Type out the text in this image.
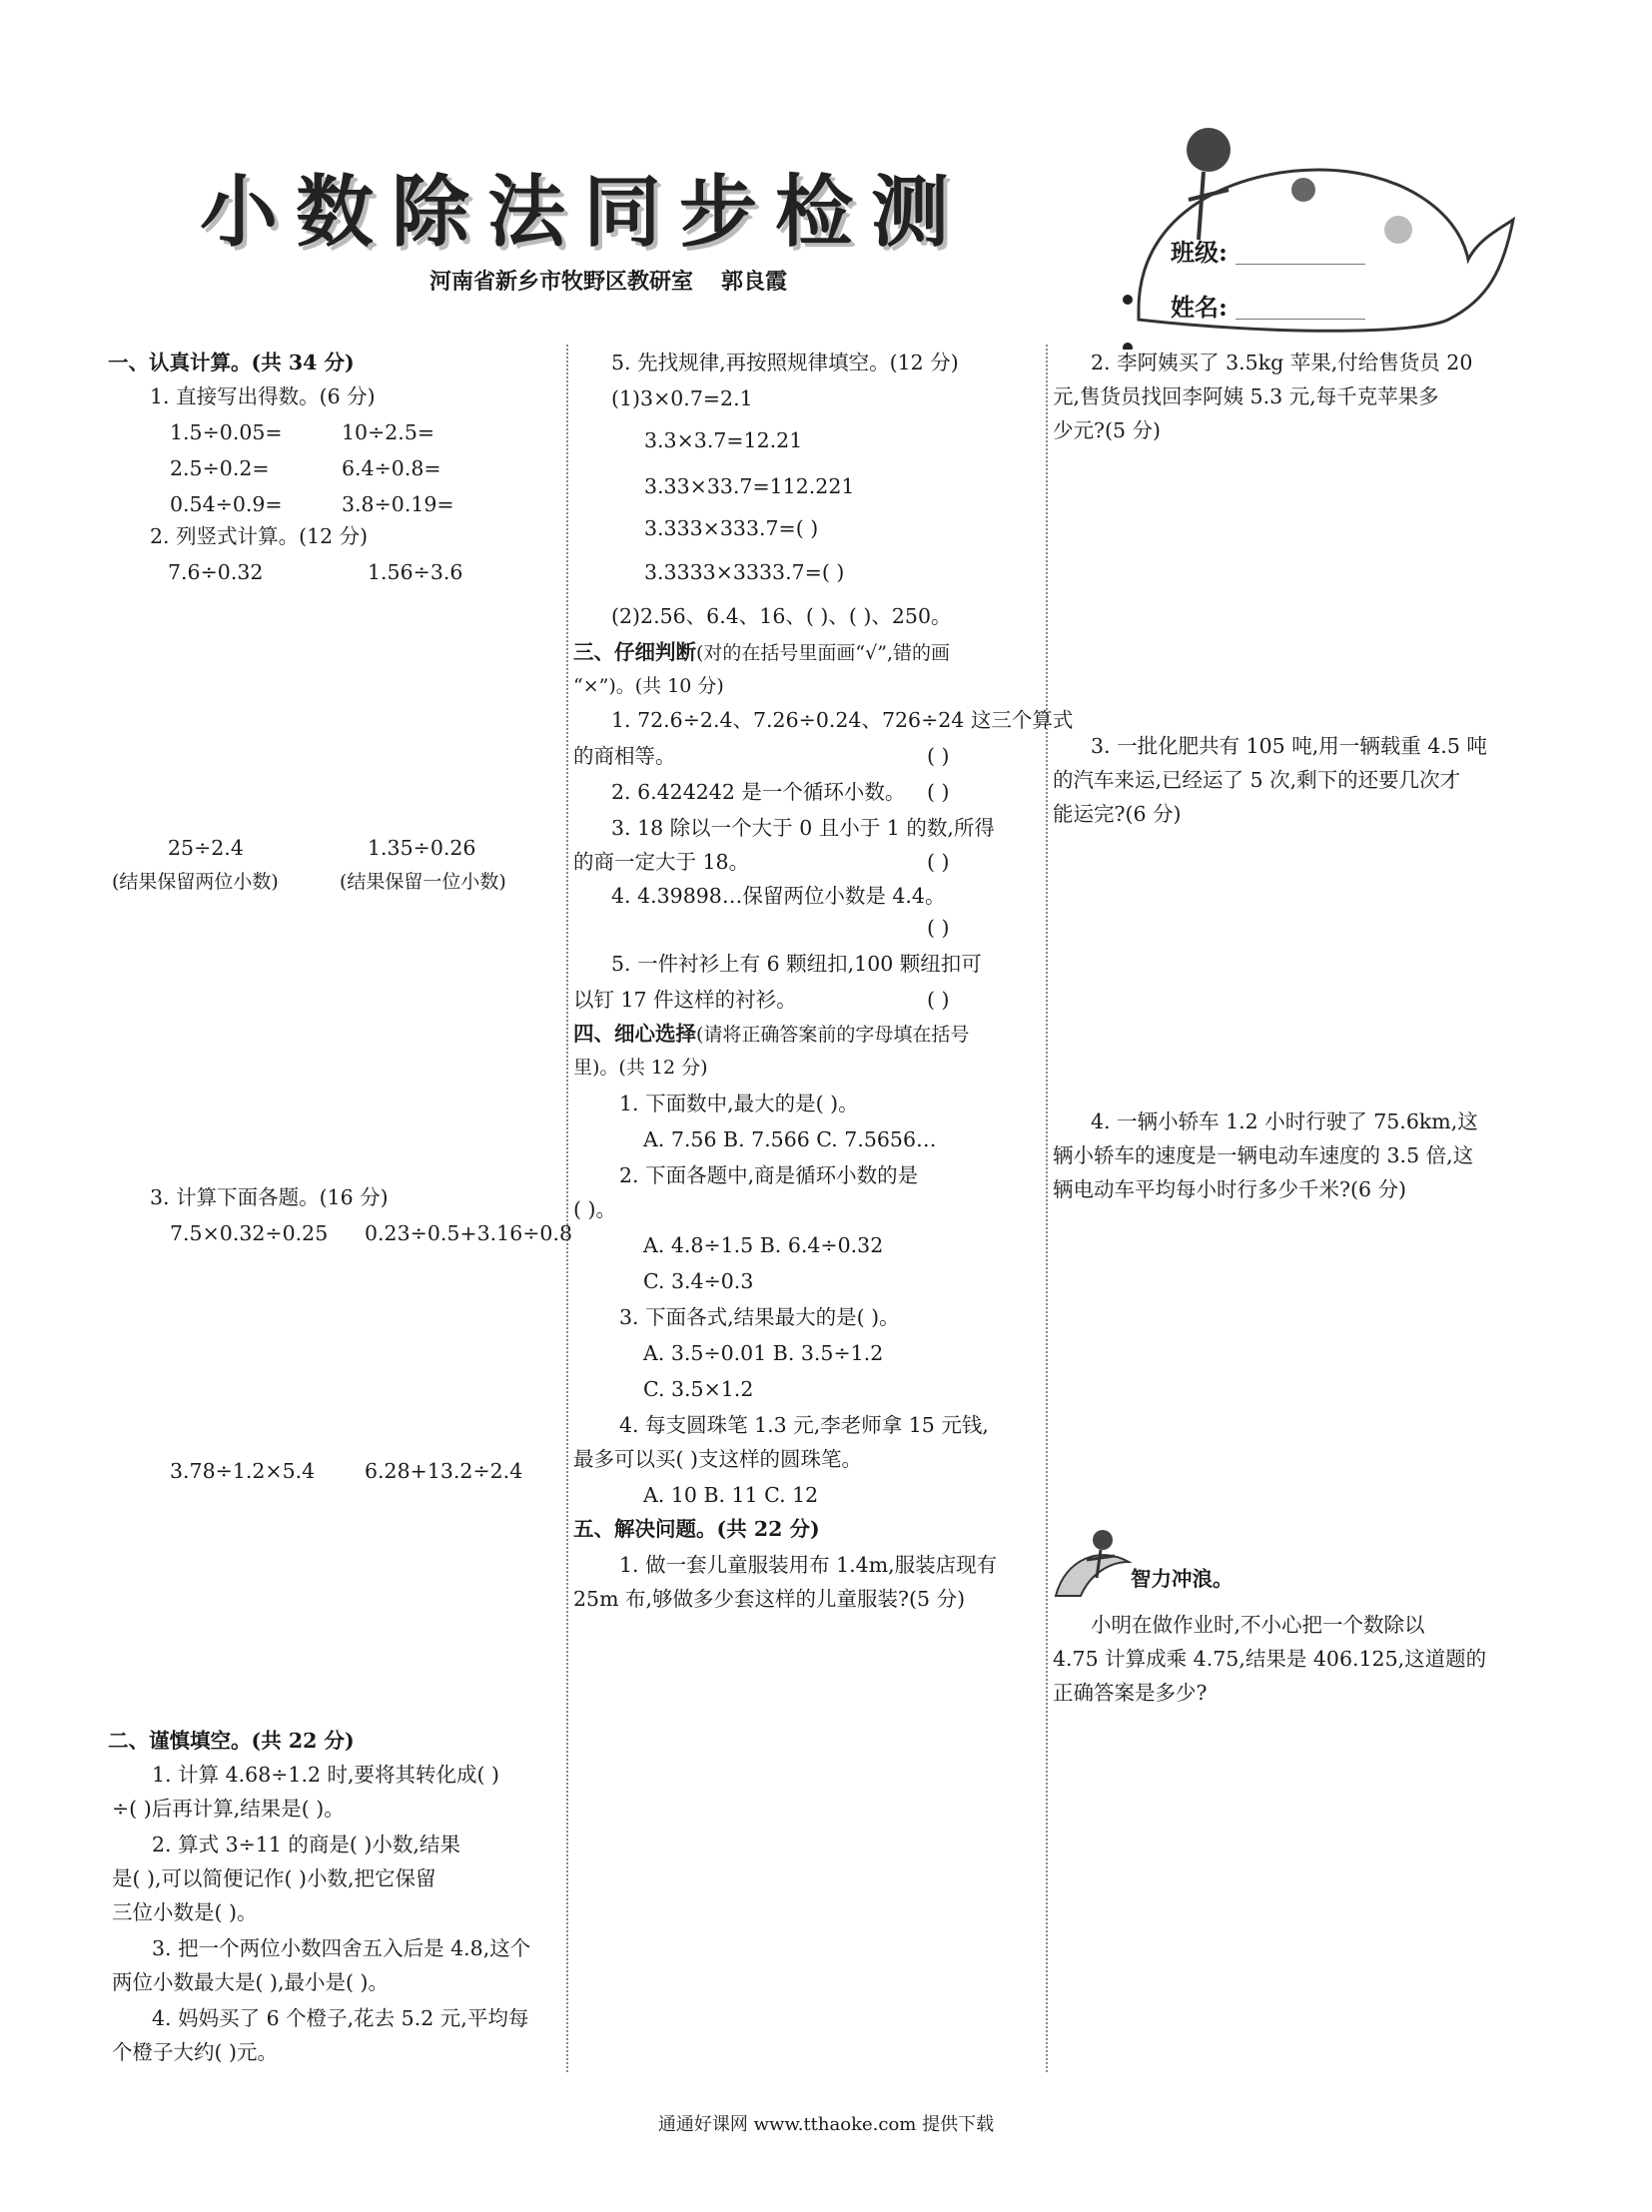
小数除法同步检测
河南省新乡市牧野区教研室 郭良霞
班级:
姓名:
一、认真计算。(共 34 分)
1. 直接写出得数。(6 分)
1.5÷0.05=	10÷2.5=
2.5÷0.2=	6.4÷0.8=
0.54÷0.9=	3.8÷0.19=
2. 列竖式计算。(12 分)
7.6÷0.32	1.56÷3.6
25÷2.4	1.35÷0.26
(结果保留两位小数)	(结果保留一位小数)
3. 计算下面各题。(16 分)
7.5×0.32÷0.25 0.23÷0.5+3.16÷0.8
3.78÷1.2×5.4 6.28+13.2÷2.4
二、谨慎填空。(共 22 分)
1. 计算 4.68÷1.2 时,要将其转化成( )
÷( )后再计算,结果是( )。
2. 算式 3÷11 的商是( )小数,结果
是( ),可以简便记作( )小数,把它保留
三位小数是( )。
3. 把一个两位小数四舍五入后是 4.8,这个
两位小数最大是( ),最小是( )。
4. 妈妈买了 6 个橙子,花去 5.2 元,平均每
个橙子大约( )元。
5. 先找规律,再按照规律填空。(12 分)
(1)3×0.7=2.1
3.3×3.7=12.21
3.33×33.7=112.221
3.333×333.7=( )
3.3333×3333.7=( )
(2)2.56、6.4、16、( )、( )、250。
三、仔细判断(对的在括号里面画“√”,错的画
“×”)。(共 10 分)
1. 72.6÷2.4、7.26÷0.24、726÷24 这三个算式
的商相等。	( )
2. 6.424242 是一个循环小数。 ( )
3. 18 除以一个大于 0 且小于 1 的数,所得
的商一定大于 18。	( )
4. 4.39898…保留两位小数是 4.4。
( )
5. 一件衬衫上有 6 颗纽扣,100 颗纽扣可
以钉 17 件这样的衬衫。	( )
四、细心选择(请将正确答案前的字母填在括号
里)。(共 12 分)
1. 下面数中,最大的是( )。
A. 7.56 B. 7.566 C. 7.5656…
2. 下面各题中,商是循环小数的是
( )。
A. 4.8÷1.5 B. 6.4÷0.32
C. 3.4÷0.3
3. 下面各式,结果最大的是( )。
A. 3.5÷0.01 B. 3.5÷1.2
C. 3.5×1.2
4. 每支圆珠笔 1.3 元,李老师拿 15 元钱,
最多可以买( )支这样的圆珠笔。
A. 10 B. 11 C. 12
五、解决问题。(共 22 分)
1. 做一套儿童服装用布 1.4m,服装店现有
25m 布,够做多少套这样的儿童服装?(5 分)
2. 李阿姨买了 3.5kg 苹果,付给售货员 20
元,售货员找回李阿姨 5.3 元,每千克苹果多
少元?(5 分)
3. 一批化肥共有 105 吨,用一辆载重 4.5 吨
的汽车来运,已经运了 5 次,剩下的还要几次才
能运完?(6 分)
4. 一辆小轿车 1.2 小时行驶了 75.6km,这
辆小轿车的速度是一辆电动车速度的 3.5 倍,这
辆电动车平均每小时行多少千米?(6 分)
智力冲浪。
小明在做作业时,不小心把一个数除以
4.75 计算成乘 4.75,结果是 406.125,这道题的
正确答案是多少?
通通好课网 www.tthaoke.com 提供下载
